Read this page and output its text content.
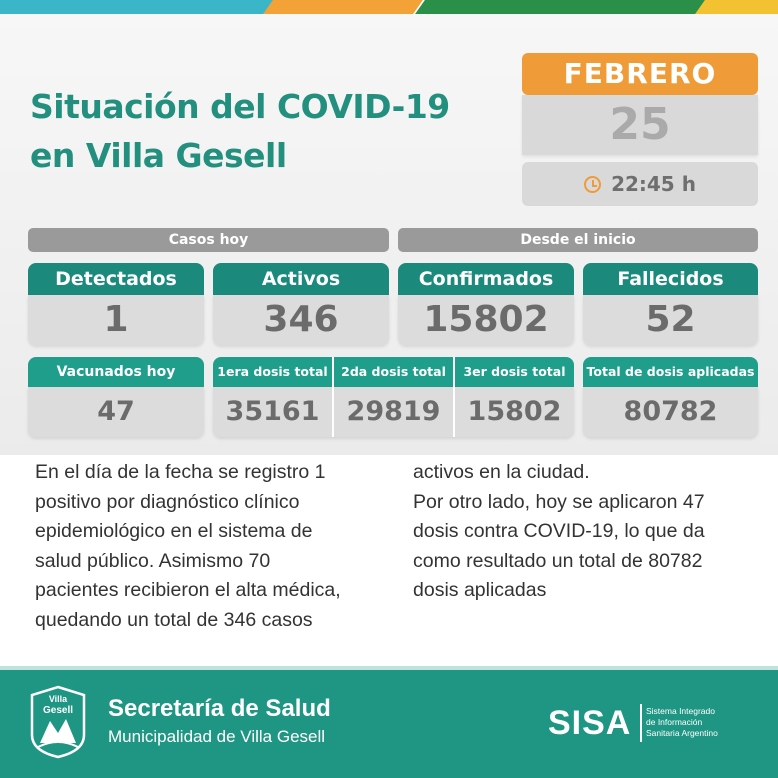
Situación del COVID-19
en Villa Gesell
FEBRERO
25
22:45 h
Casos hoy	Desde el inicio
Detectados
1
Activos
346
Confirmados
15802
Fallecidos
52
Vacunados hoy
47
1era dosis total	2da dosis total	3er dosis total
35161	29819	15802
Total de dosis aplicadas
80782
En el día de la fecha se registro 1
positivo por diagnóstico clínico
epidemiológico en el sistema de
salud público. Asimismo 70
pacientes recibieron el alta médica,
quedando un total de 346 casos
activos en la ciudad.
Por otro lado, hoy se aplicaron 47
dosis contra COVID-19, lo que da
como resultado un total de 80782
dosis aplicadas
Villa
Gesell Secretaría de Salud
Municipalidad de Villa Gesell	SISA Sistema Integrado
de Información
Sanitaria Argentino
